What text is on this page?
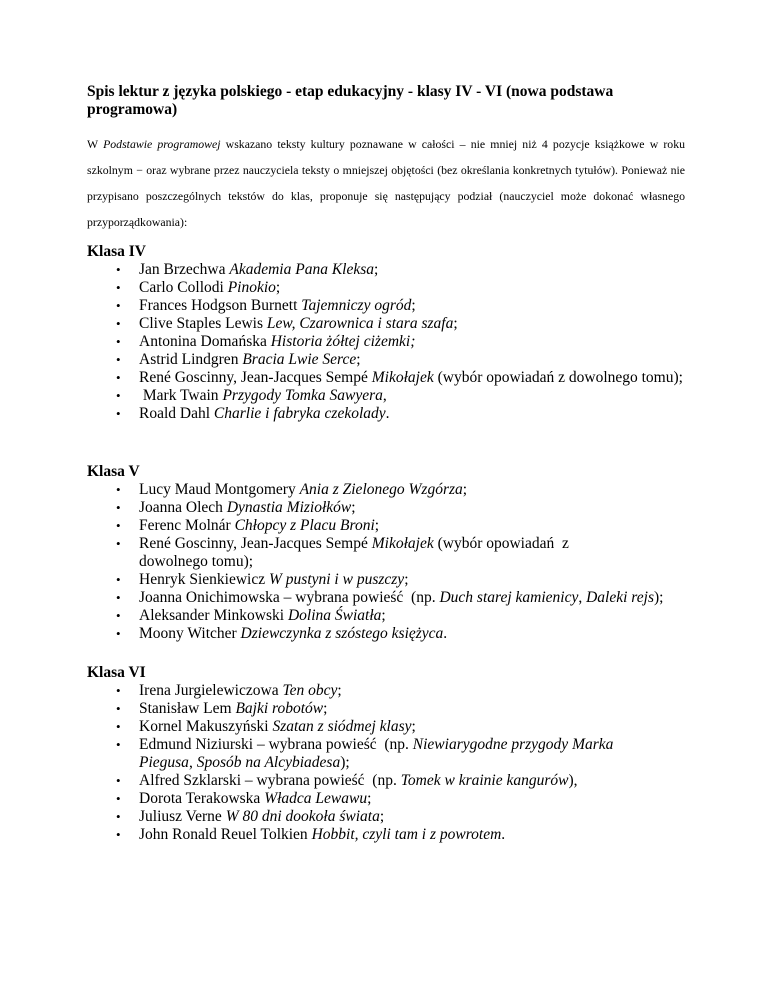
Spis lektur z języka polskiego - etap edukacyjny - klasy IV - VI (nowa podstawa programowa)

W Podstawie programowej wskazano teksty kultury poznawane w całości – nie mniej niż 4 pozycje książkowe w roku szkolnym − oraz wybrane przez nauczyciela teksty o mniejszej objętości (bez określania konkretnych tytułów). Ponieważ nie przypisano poszczególnych tekstów do klas, proponuje się następujący podział (nauczyciel może dokonać własnego przyporządkowania):

Klasa IV
• Jan Brzechwa Akademia Pana Kleksa;
• Carlo Collodi Pinokio;
• Frances Hodgson Burnett Tajemniczy ogród;
• Clive Staples Lewis Lew, Czarownica i stara szafa;
• Antonina Domańska Historia żółtej ciżemki;
• Astrid Lindgren Bracia Lwie Serce;
• René Goscinny, Jean-Jacques Sempé Mikołajek (wybór opowiadań z dowolnego tomu);
•  Mark Twain Przygody Tomka Sawyera,
• Roald Dahl Charlie i fabryka czekolady.
Klasa V
• Lucy Maud Montgomery Ania z Zielonego Wzgórza;
• Joanna Olech Dynastia Miziołków;
• Ferenc Molnár Chłopcy z Placu Broni;
• René Goscinny, Jean-Jacques Sempé Mikołajek (wybór opowiadań  z dowolnego tomu);
• Henryk Sienkiewicz W pustyni i w puszczy;
• Joanna Onichimowska – wybrana powieść  (np. Duch starej kamienicy, Daleki rejs);
• Aleksander Minkowski Dolina Światła;
• Moony Witcher Dziewczynka z szóstego księżyca.
Klasa VI
• Irena Jurgielewiczowa Ten obcy;
• Stanisław Lem Bajki robotów;
• Kornel Makuszyński Szatan z siódmej klasy;
• Edmund Niziurski – wybrana powieść  (np. Niewiarygodne przygody Marka Piegusa, Sposób na Alcybiadesa);
• Alfred Szklarski – wybrana powieść  (np. Tomek w krainie kangurów),
• Dorota Terakowska Władca Lewawu;
• Juliusz Verne W 80 dni dookoła świata;
• John Ronald Reuel Tolkien Hobbit, czyli tam i z powrotem.
